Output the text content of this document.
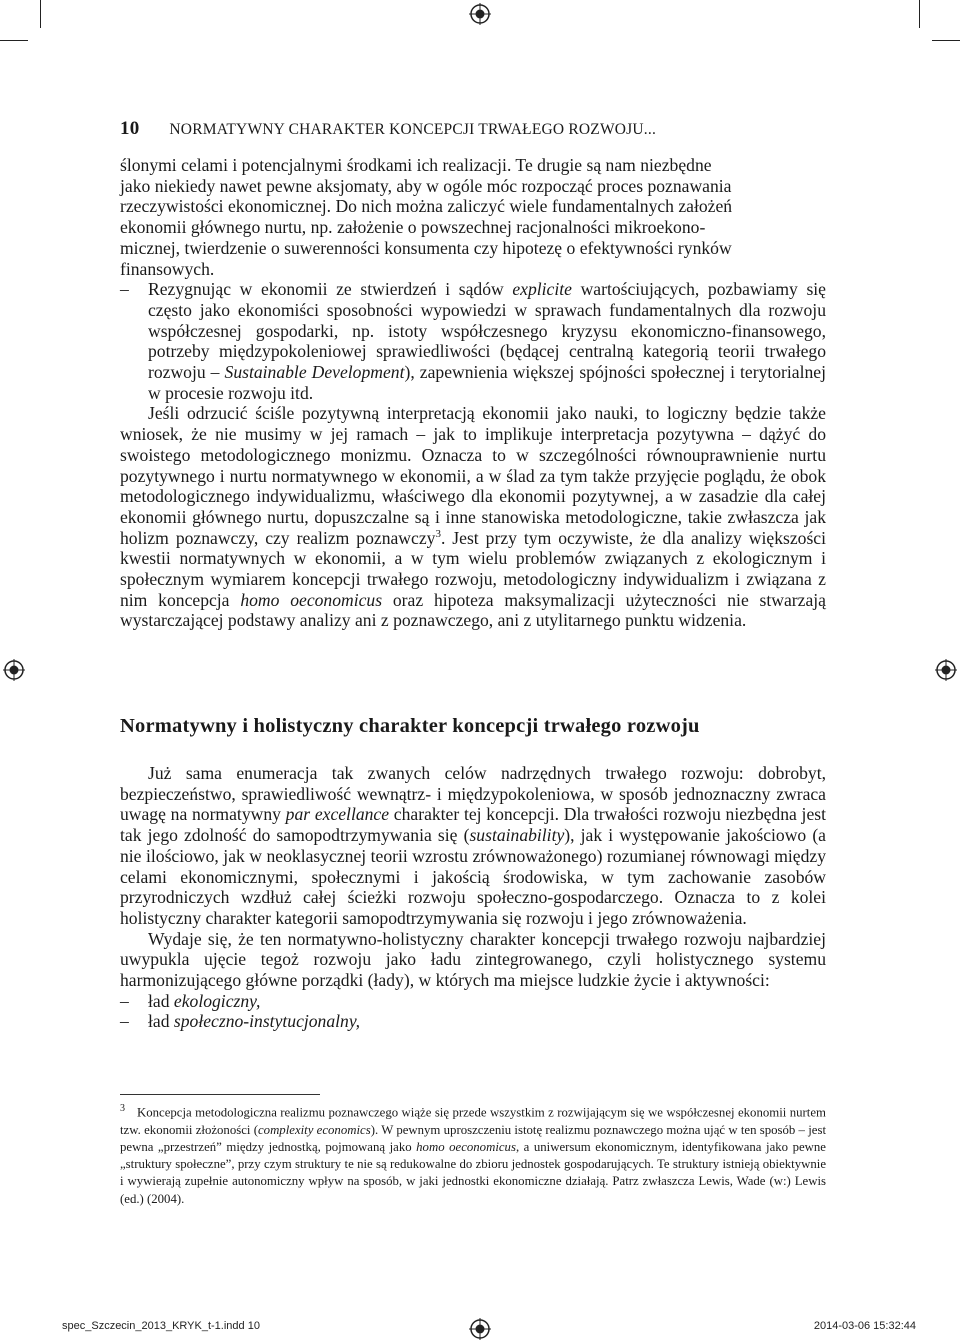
10 NORMATYWNY CHARAKTER KONCEPCJI TRWAŁEGO ROZWOJU...

ślonymi celami i potencjalnymi środkami ich realizacji. Te drugie są nam niezbędne
jako niekiedy nawet pewne aksjomaty, aby w ogóle móc rozpocząć proces poznawania
rzeczywistości ekonomicznej. Do nich można zaliczyć wiele fundamentalnych założeń
ekonomii głównego nurtu, np. założenie o powszechnej racjonalności mikroekono-
micznej, twierdzenie o suwerenności konsumenta czy hipotezę o efektywności rynków
finansowych.

– Rezygnując w ekonomii ze stwierdzeń i sądów explicite wartościujących, pozbawiamy się często jako ekonomiści sposobności wypowiedzi w sprawach fundamentalnych dla rozwoju współczesnej gospodarki, np. istoty współczesnego kryzysu ekonomiczno-finansowego, potrzeby międzypokoleniowej sprawiedliwości (będącej centralną kategorią teorii trwałego rozwoju – Sustainable Development), zapewnienia większej spójności społecznej i terytorialnej w procesie rozwoju itd.

Jeśli odrzucić ściśle pozytywną interpretacją ekonomii jako nauki, to logiczny będzie także wniosek, że nie musimy w jej ramach – jak to implikuje interpretacja pozytywna – dążyć do swoistego metodologicznego monizmu. Oznacza to w szczególności równouprawnienie nurtu pozytywnego i nurtu normatywnego w ekonomii, a w ślad za tym także przyjęcie poglądu, że obok metodologicznego indywidualizmu, właściwego dla ekonomii pozytywnej, a w zasadzie dla całej ekonomii głównego nurtu, dopuszczalne są i inne stanowiska metodologiczne, takie zwłaszcza jak holizm poznawczy, czy realizm poznawczy$^3$. Jest przy tym oczywiste, że dla analizy większości kwestii normatywnych w ekonomii, a w tym wielu problemów związanych z ekologicznym i społecznym wymiarem koncepcji trwałego rozwoju, metodologiczny indywidualizm i związana z nim koncepcja homo oeconomicus oraz hipoteza maksymalizacji użyteczności nie stwarzają wystarczającej podstawy analizy ani z poznawczego, ani z utylitarnego punktu widzenia.

Normatywny i holistyczny charakter koncepcji trwałego rozwoju

Już sama enumeracja tak zwanych celów nadrzędnych trwałego rozwoju: dobrobyt, bezpieczeństwo, sprawiedliwość wewnątrz- i międzypokoleniowa, w sposób jednoznaczny zwraca uwagę na normatywny par excellance charakter tej koncepcji. Dla trwałości rozwoju niezbędna jest tak jego zdolność do samopodtrzymywania się (sustainability), jak i występowanie jakościowo (a nie ilościowo, jak w neoklasycznej teorii wzrostu zrównoważonego) rozumianej równowagi między celami ekonomicznymi, społecznymi i jakością środowiska, w tym zachowanie zasobów przyrodniczych wzdłuż całej ścieżki rozwoju społeczno-gospodarczego. Oznacza to z kolei holistyczny charakter kategorii samopodtrzymywania się rozwoju i jego zrównoważenia.

Wydaje się, że ten normatywno-holistyczny charakter koncepcji trwałego rozwoju najbardziej uwypukla ujęcie tegoż rozwoju jako ładu zintegrowanego, czyli holistycznego systemu harmonizującego główne porządki (łady), w których ma miejsce ludzkie życie i aktywności:

– ład ekologiczny,

– ład społeczno-instytucjonalny,

$^3$ Koncepcja metodologiczna realizmu poznawczego wiąże się przede wszystkim z rozwijającym się we współczesnej ekonomii nurtem tzw. ekonomii złożoności (complexity economics). W pewnym uproszczeniu istotę realizmu poznawczego można ująć w ten sposób – jest pewna „przestrzeń” między jednostką, pojmowaną jako homo oeconomicus, a uniwersum ekonomicznym, identyfikowana jako pewne „struktury społeczne”, przy czym struktury te nie są redukowalne do zbioru jednostek gospodarujących. Te struktury istnieją obiektywnie i wywierają zupełnie autonomiczny wpływ na sposób, w jaki jednostki ekonomiczne działają. Patrz zwłaszcza Lewis, Wade (w:) Lewis (ed.) (2004).
spec_Szczecin_2013_KRYK_t-1.indd 10	2014-03-06 15:32:44
